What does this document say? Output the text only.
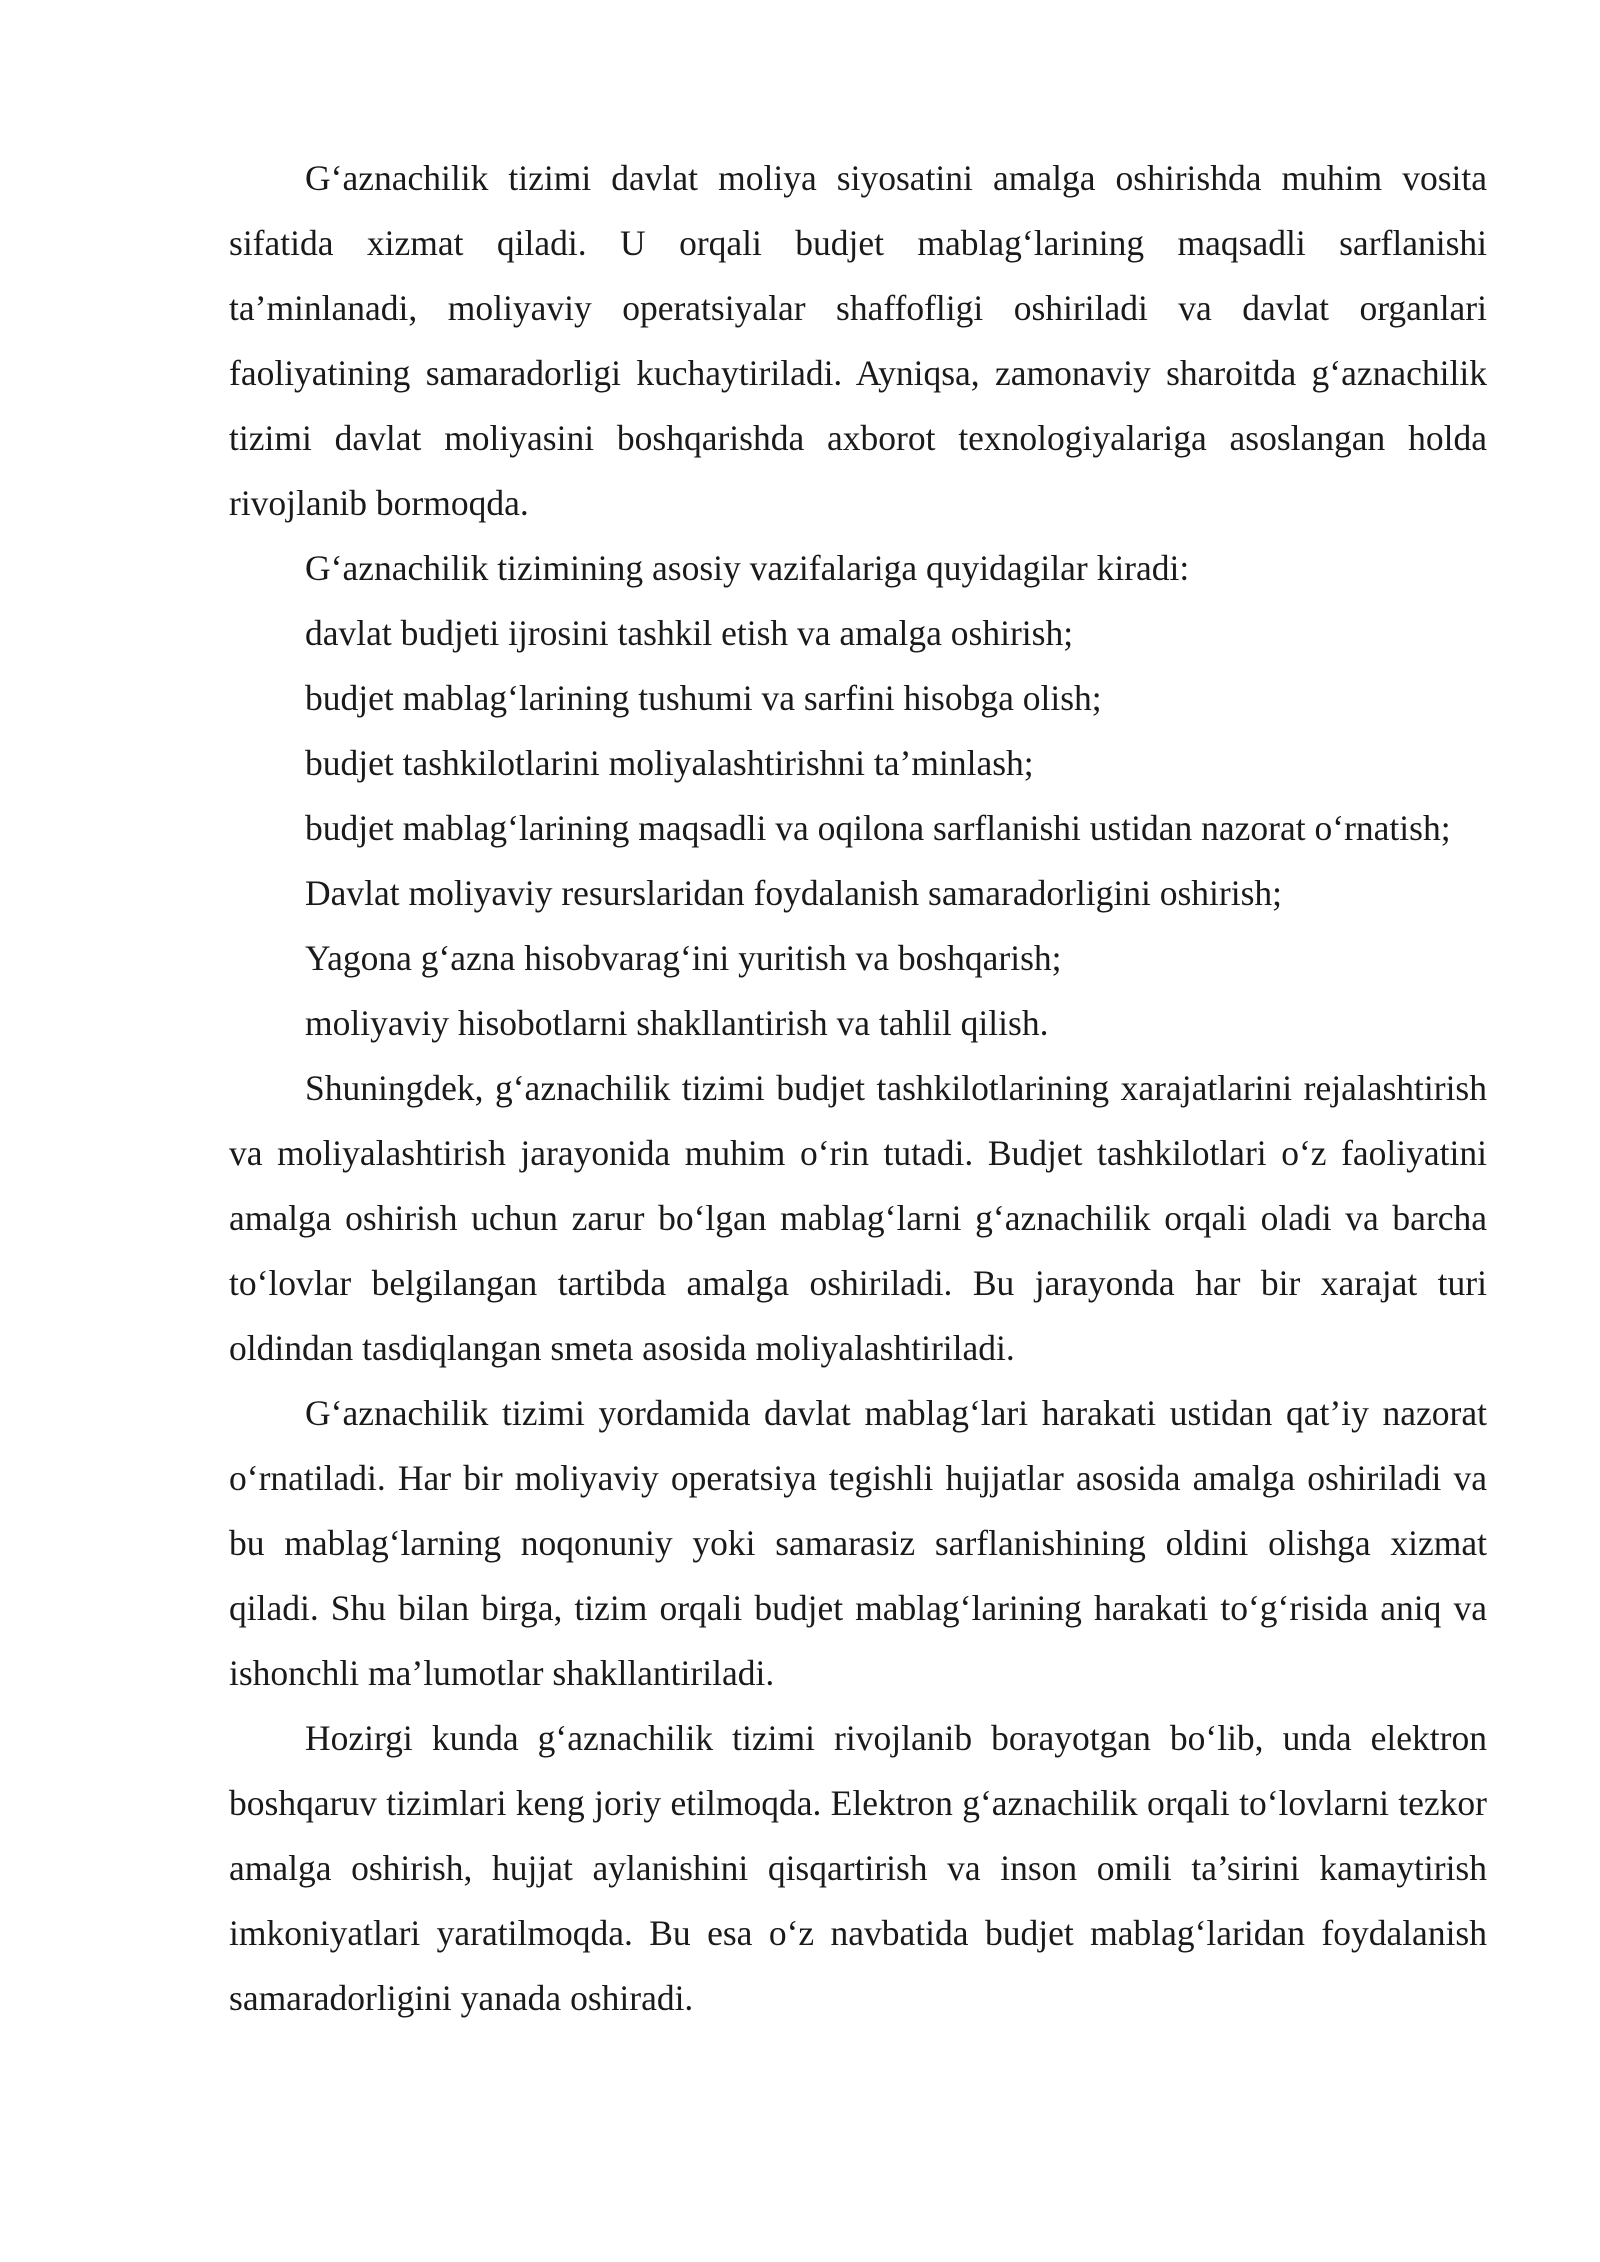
G‘aznachilik tizimi davlat moliya siyosatini amalga oshirishda muhim vosita sifatida xizmat qiladi. U orqali budjet mablag‘larining maqsadli sarflanishi ta’minlanadi, moliyaviy operatsiyalar shaffofligi oshiriladi va davlat organlari faoliyatining samaradorligi kuchaytiriladi. Ayniqsa, zamonaviy sharoitda g‘aznachilik tizimi davlat moliyasini boshqarishda axborot texnologiyalariga asoslangan holda rivojlanib bormoqda.

G‘aznachilik tizimining asosiy vazifalariga quyidagilar kiradi:

davlat budjeti ijrosini tashkil etish va amalga oshirish;

budjet mablag‘larining tushumi va sarfini hisobga olish;

budjet tashkilotlarini moliyalashtirishni ta’minlash;

budjet mablag‘larining maqsadli va oqilona sarflanishi ustidan nazorat o‘rnatish;

Davlat moliyaviy resurslaridan foydalanish samaradorligini oshirish;

Yagona g‘azna hisobvarag‘ini yuritish va boshqarish;

moliyaviy hisobotlarni shakllantirish va tahlil qilish.

Shuningdek, g‘aznachilik tizimi budjet tashkilotlarining xarajatlarini rejalashtirish va moliyalashtirish jarayonida muhim o‘rin tutadi. Budjet tashkilotlari o‘z faoliyatini amalga oshirish uchun zarur bo‘lgan mablag‘larni g‘aznachilik orqali oladi va barcha to‘lovlar belgilangan tartibda amalga oshiriladi. Bu jarayonda har bir xarajat turi oldindan tasdiqlangan smeta asosida moliyalashtiriladi.

G‘aznachilik tizimi yordamida davlat mablag‘lari harakati ustidan qat’iy nazorat o‘rnatiladi. Har bir moliyaviy operatsiya tegishli hujjatlar asosida amalga oshiriladi va bu mablag‘larning noqonuniy yoki samarasiz sarflanishining oldini olishga xizmat qiladi. Shu bilan birga, tizim orqali budjet mablag‘larining harakati to‘g‘risida aniq va ishonchli ma’lumotlar shakllantiriladi.

Hozirgi kunda g‘aznachilik tizimi rivojlanib borayotgan bo‘lib, unda elektron boshqaruv tizimlari keng joriy etilmoqda. Elektron g‘aznachilik orqali to‘lovlarni tezkor amalga oshirish, hujjat aylanishini qisqartirish va inson omili ta’sirini kamaytirish imkoniyatlari yaratilmoqda. Bu esa o‘z navbatida budjet mablag‘laridan foydalanish samaradorligini yanada oshiradi.
